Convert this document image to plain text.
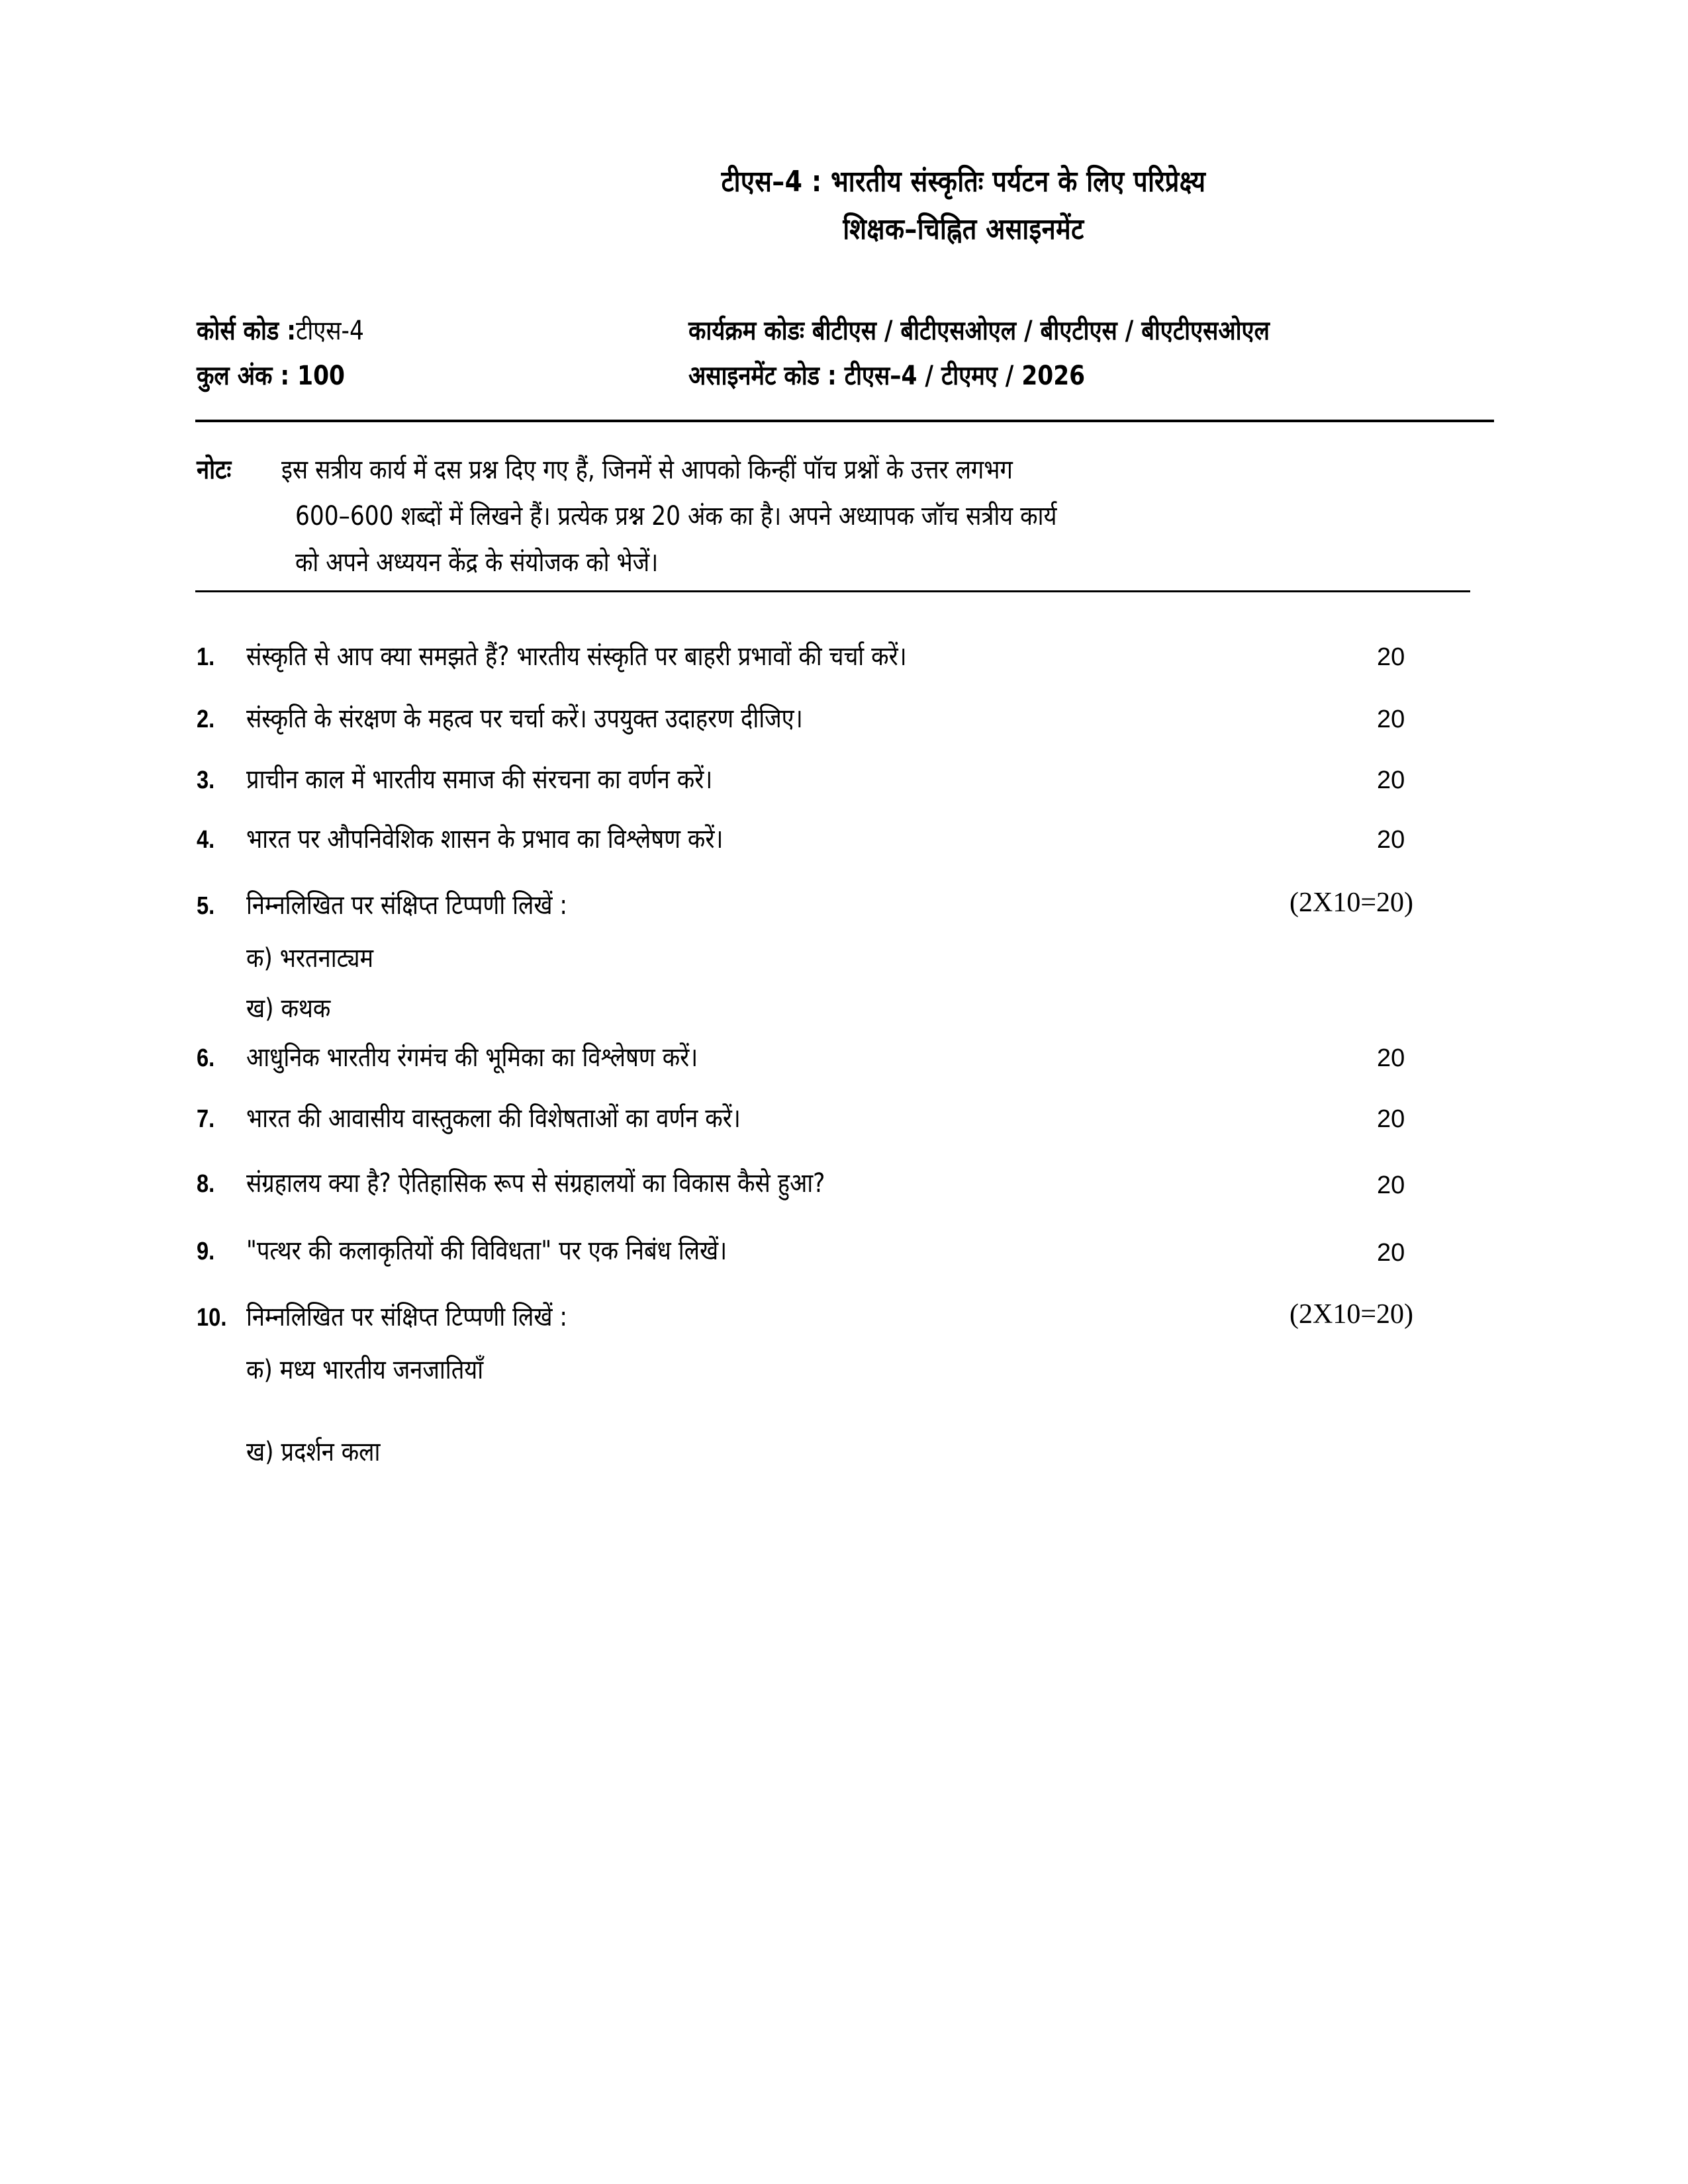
टीएस–4 : भारतीय संस्कृतिः पर्यटन के लिए परिप्रेक्ष्य
शिक्षक–चिह्नित असाइनमेंट
कोर्स कोड :टीएस-4
कुल अंक : 100
कार्यक्रम कोडः बीटीएस / बीटीएसओएल / बीएटीएस / बीएटीएसओएल
असाइनमेंट कोड : टीएस–4 / टीएमए / 2026
नोटः इस सत्रीय कार्य में दस प्रश्न दिए गए हैं, जिनमें से आपको किन्हीं पॉच प्रश्नों के उत्तर लगभग
600–600 शब्दों में लिखने हैं। प्रत्येक प्रश्न 20 अंक का है। अपने अध्यापक जॉच सत्रीय कार्य
को अपने अध्ययन केंद्र के संयोजक को भेजें।
1. संस्कृति से आप क्या समझते हैं? भारतीय संस्कृति पर बाहरी प्रभावों की चर्चा करें।	20
2. संस्कृति के संरक्षण के महत्व पर चर्चा करें। उपयुक्त उदाहरण दीजिए।	20
3. प्राचीन काल में भारतीय समाज की संरचना का वर्णन करें।	20
4. भारत पर औपनिवेशिक शासन के प्रभाव का विश्लेषण करें।	20
5. निम्नलिखित पर संक्षिप्त टिप्पणी लिखें :	(2X10=20)
क) भरतनाट्यम
ख) कथक
6. आधुनिक भारतीय रंगमंच की भूमिका का विश्लेषण करें।	20
7. भारत की आवासीय वास्तुकला की विशेषताओं का वर्णन करें।	20
8. संग्रहालय क्या है? ऐतिहासिक रूप से संग्रहालयों का विकास कैसे हुआ?	20
9. "पत्थर की कलाकृतियों की विविधता" पर एक निबंध लिखें।	20
10. निम्नलिखित पर संक्षिप्त टिप्पणी लिखें :	(2X10=20)
क) मध्य भारतीय जनजातियाँ
ख) प्रदर्शन कला
